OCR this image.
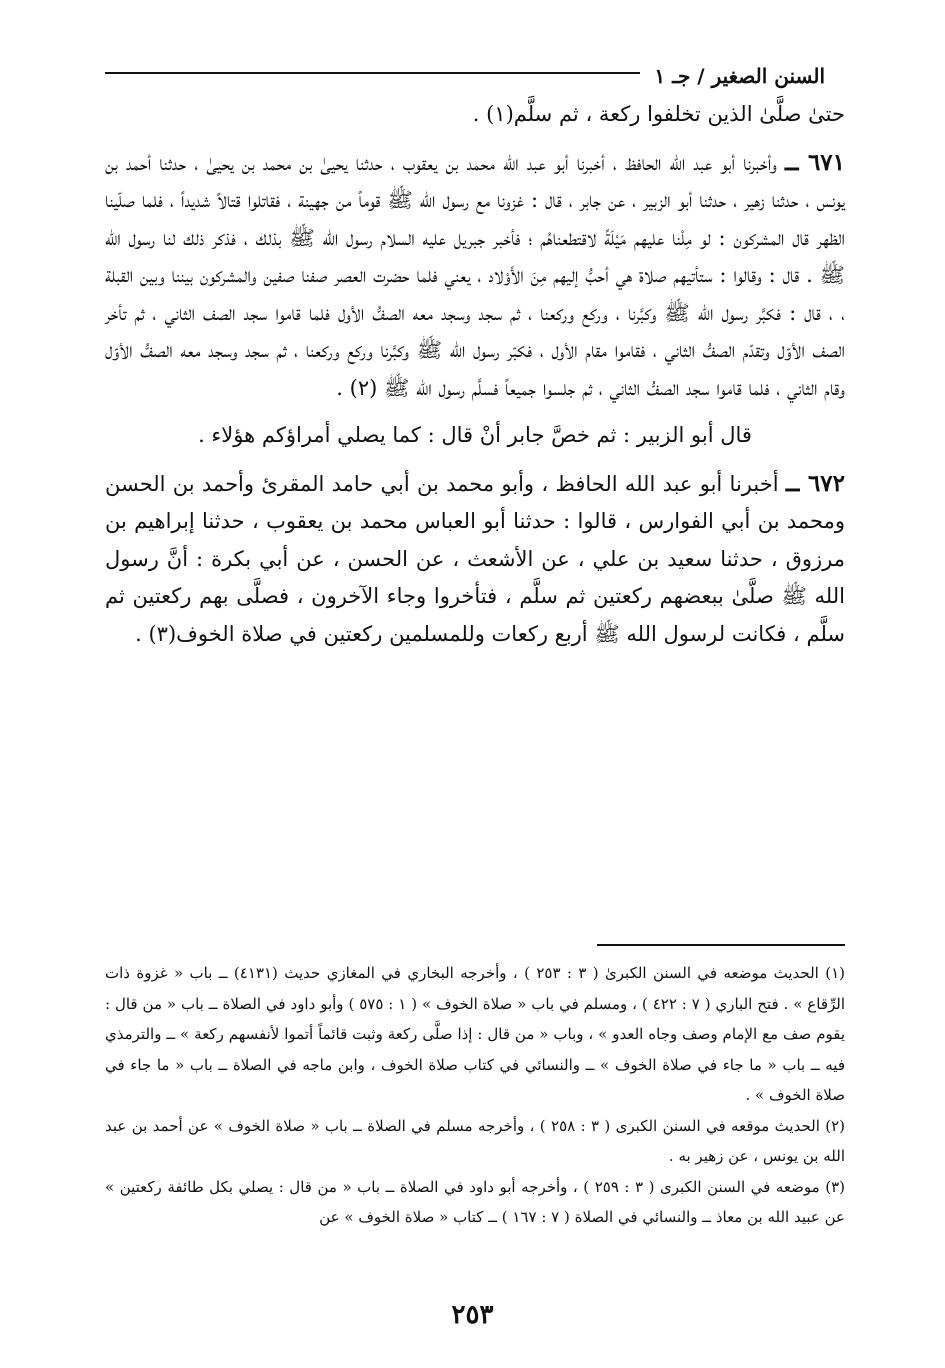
السنن الصغير / جـ ١

حتىٰ صلَّىٰ الذين تخلفوا ركعة ، ثم سلَّم(١) .

٦٧١ ــ وأخبرنا أبو عبد الله الحافظ ، أخبرنا أبو عبد الله محمد بن يعقوب ، حدثنا يحيىٰ بن محمد بن يحيىٰ ، حدثنا أحمد بن يونس ، حدثنا زهير ، حدثنا أبو الزبير ، عن جابر ، قال : غزونا مع رسول الله ﷺ قوماً من جهينة ، فقاتلوا قتالاً شديداً ، فلما صلّينا الظهر قال المشركون : لو مِلْنا عليهم مَيْلَةً لاقتطعناهُم ؛ فأخبر جبريل عليه السلام رسول الله ﷺ بذلك ، فذكر ذلك لنا رسول الله ﷺ . قال : وقالوا : ستأتيهم صلاة هي أحبُّ إليهم مِنَ الأَوْلاد ، يعني فلما حضرت العصر صفنا صفين والمشركون بيننا وبين القبلة ، ، قال : فكبَّر رسول الله ﷺ وكبَّرنا ، وركع وركعنا ، ثم سجد وسجد معه الصفُّ الأول فلما قاموا سجد الصف الثاني ، ثم تأخر الصف الأوّل وتقدّم الصفُّ الثاني ، فقاموا مقام الأول ، فكبّر رسول الله ﷺ وكبَّرنا وركع وركعنا ، ثم سجد وسجد معه الصفُّ الأوّل وقام الثاني ، فلما قاموا سجد الصفُّ الثاني ، ثم جلسوا جميعاً فسلَّم رسول الله ﷺ (٢) .

قال أبو الزبير : ثم خصَّ جابر أنْ قال : كما يصلي أمراؤكم هؤلاء .

٦٧٢ ــ أخبرنا أبو عبد الله الحافظ ، وأبو محمد بن أبي حامد المقرئ وأحمد بن الحسن ومحمد بن أبي الفوارس ، قالوا : حدثنا أبو العباس محمد بن يعقوب ، حدثنا إبراهيم بن مرزوق ، حدثنا سعيد بن علي ، عن الأشعث ، عن الحسن ، عن أبي بكرة : أنَّ رسول الله ﷺ صلَّىٰ ببعضهم ركعتين ثم سلَّم ، فتأخروا وجاء الآخرون ، فصلَّى بهم ركعتين ثم سلَّم ، فكانت لرسول الله ﷺ أربع ركعات وللمسلمين ركعتين في صلاة الخوف(٣) .

(١) الحديث موضعه في السنن الكبرىٰ ( ٣ : ٢٥٣ ) ، وأخرجه البخاري في المغازي حديث (٤١٣١) ــ باب « غزوة ذات الرِّقاع » . فتح الباري ( ٧ : ٤٢٢ ) ، ومسلم في باب « صلاة الخوف » ( ١ : ٥٧٥ ) وأبو داود في الصلاة ــ باب « من قال : يقوم صف مع الإمام وصف وجاه العدو » ، وباب « من قال : إذا صلَّى ركعة وثبت قائماً أتموا لأنفسهم ركعة » ــ والترمذي فيه ــ باب « ما جاء في صلاة الخوف » ــ والنسائي في كتاب صلاة الخوف ، وابن ماجه في الصلاة ــ باب « ما جاء في صلاة الخوف » .

(٢) الحديث موقعه في السنن الكبرى ( ٣ : ٢٥٨ ) ، وأخرجه مسلم في الصلاة ــ باب « صلاة الخوف » عن أحمد بن عبد الله بن يونس ، عن زهير به .

(٣) موضعه في السنن الكبرى ( ٣ : ٢٥٩ ) ، وأخرجه أبو داود في الصلاة ــ باب « من قال : يصلي بكل طائفة ركعتين » عن عبيد الله بن معاذ ــ والنسائي في الصلاة ( ٧ : ١٦٧ ) ــ كتاب « صلاة الخوف » عن

٢٥٣
